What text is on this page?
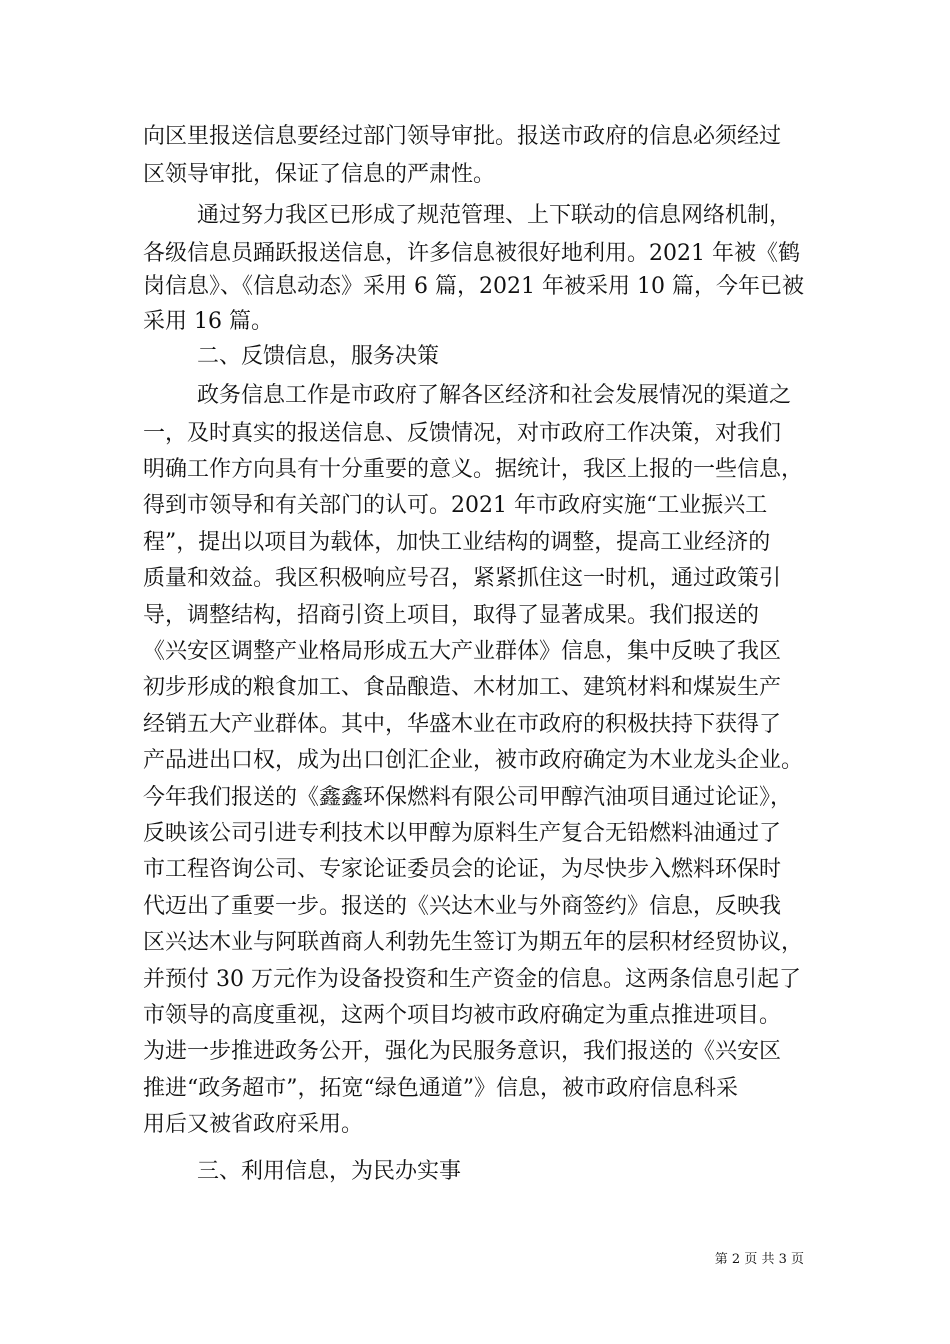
向区里报送信息要经过部门领导审批。报送市政府的信息必须经过
区领导审批，保证了信息的严肃性。
通过努力我区已形成了规范管理、上下联动的信息网络机制，
各级信息员踊跃报送信息，许多信息被很好地利用。2021 年被《鹤
岗信息》、《信息动态》采用 6 篇，2021 年被采用 10 篇，今年已被
采用 16 篇。
二、反馈信息，服务决策
政务信息工作是市政府了解各区经济和社会发展情况的渠道之
一，及时真实的报送信息、反馈情况，对市政府工作决策，对我们
明确工作方向具有十分重要的意义。据统计，我区上报的一些信息，
得到市领导和有关部门的认可。2021 年市政府实施“工业振兴工
程”，提出以项目为载体，加快工业结构的调整，提高工业经济的
质量和效益。我区积极响应号召，紧紧抓住这一时机，通过政策引
导，调整结构，招商引资上项目，取得了显著成果。我们报送的
《兴安区调整产业格局形成五大产业群体》信息，集中反映了我区
初步形成的粮食加工、食品酿造、木材加工、建筑材料和煤炭生产
经销五大产业群体。其中，华盛木业在市政府的积极扶持下获得了
产品进出口权，成为出口创汇企业，被市政府确定为木业龙头企业。
今年我们报送的《鑫鑫环保燃料有限公司甲醇汽油项目通过论证》，
反映该公司引进专利技术以甲醇为原料生产复合无铅燃料油通过了
市工程咨询公司、专家论证委员会的论证，为尽快步入燃料环保时
代迈出了重要一步。报送的《兴达木业与外商签约》信息，反映我
区兴达木业与阿联酋商人利勃先生签订为期五年的层积材经贸协议，
并预付 30 万元作为设备投资和生产资金的信息。这两条信息引起了
市领导的高度重视，这两个项目均被市政府确定为重点推进项目。
为进一步推进政务公开，强化为民服务意识，我们报送的《兴安区
推进“政务超市”，拓宽“绿色通道”》信息，被市政府信息科采
用后又被省政府采用。
三、利用信息，为民办实事
第 2 页 共 3 页
